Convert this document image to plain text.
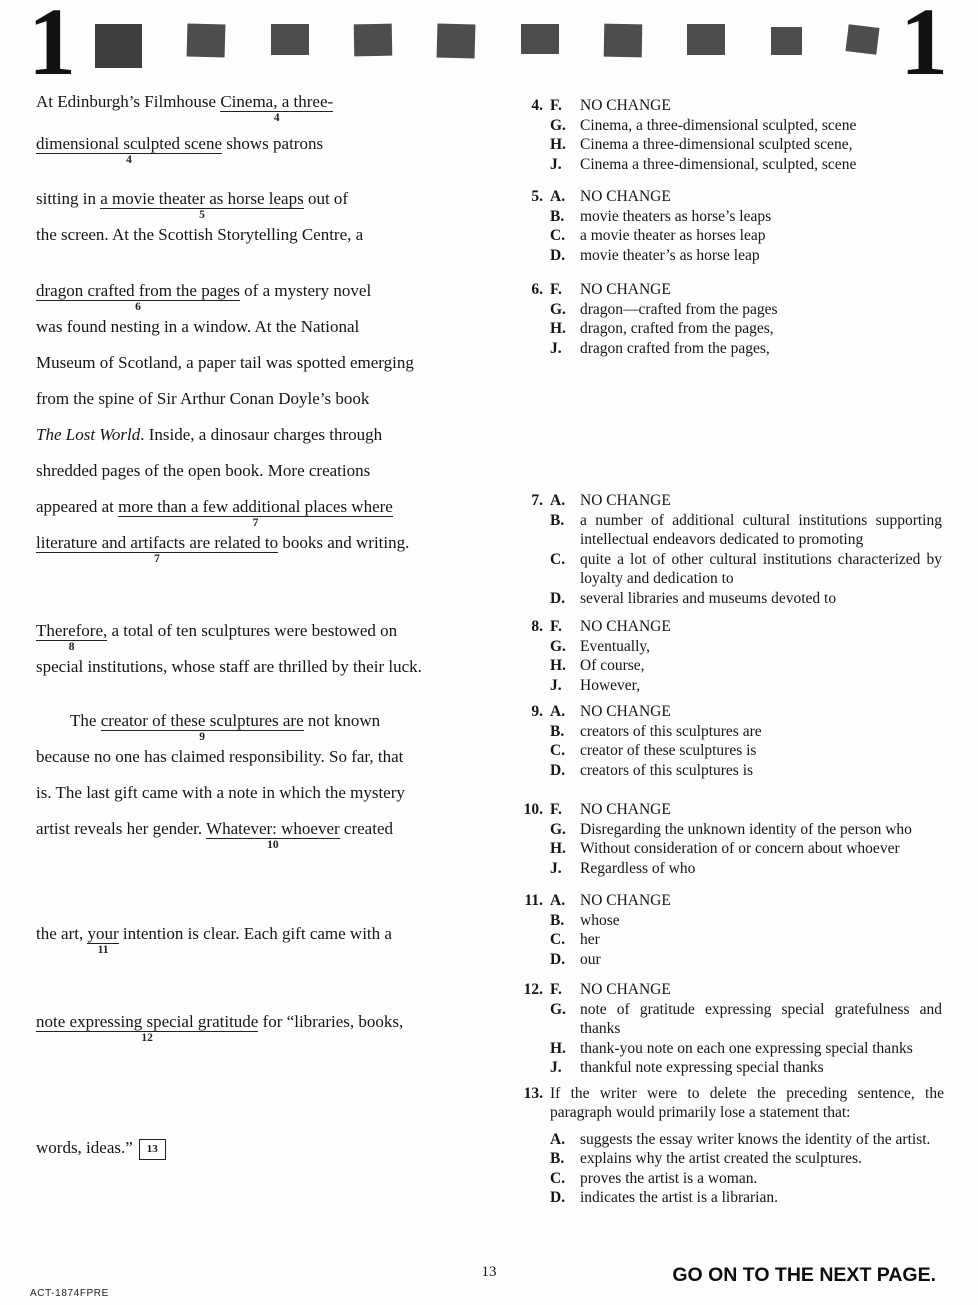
1	1
At Edinburgh’s Filmhouse Cinema, a three-
4
dimensional sculpted scene
4
shows patrons
sitting in a movie theater as horse leaps
5
out of
the screen. At the Scottish Storytelling Centre, a
dragon crafted from the pages
6
of a mystery novel
was found nesting in a window. At the National
Museum of Scotland, a paper tail was spotted emerging
from the spine of Sir Arthur Conan Doyle’s book
The Lost World. Inside, a dinosaur charges through
shredded pages of the open book. More creations
appeared at more than a few additional places where
7
literature and artifacts are related to
7
books and writing.
Therefore,
8
a total of ten sculptures were bestowed on
special institutions, whose staff are thrilled by their luck.
The creator of these sculptures are
9
not known
because no one has claimed responsibility. So far, that
is. The last gift came with a note in which the mystery
artist reveals her gender. Whatever: whoever
10
created
the art, your
11
intention is clear. Each gift came with a
note expressing special gratitude
12
for “libraries, books,
words, ideas.” 13
4. F.	NO CHANGE
G. Cinema, a three-dimensional sculpted, scene
H. Cinema a three-dimensional sculpted scene,
J.	Cinema a three-dimensional, sculpted, scene
5. A. NO CHANGE
B.	movie theaters as horse’s leaps
C. a movie theater as horses leap
D. movie theater’s as horse leap
6. F.	NO CHANGE
G. dragon—crafted from the pages
H. dragon, crafted from the pages,
J.	dragon crafted from the pages,
7. A. NO CHANGE
B.	a number of additional cultural institutions supporting intellectual endeavors dedicated to promoting
C. quite a lot of other cultural institutions characterized by loyalty and dedication to
D. several libraries and museums devoted to
8. F.	NO CHANGE
G. Eventually,
H. Of course,
J.	However,
9. A. NO CHANGE
B.	creators of this sculptures are
C. creator of these sculptures is
D. creators of this sculptures is
10. F.	NO CHANGE
G. Disregarding the unknown identity of the person who
H. Without consideration of or concern about whoever
J.	Regardless of who
11. A. NO CHANGE
B.	whose
C. her
D. our
12. F.	NO CHANGE
G. note of gratitude expressing special gratefulness and thanks
H. thank-you note on each one expressing special thanks
J.	thankful note expressing special thanks
13. If the writer were to delete the preceding sentence, the paragraph would primarily lose a statement that:
A. suggests the essay writer knows the identity of the artist.
B.	explains why the artist created the sculptures.
C. proves the artist is a woman.
D. indicates the artist is a librarian.
ACT-1874FPRE
13	GO ON TO THE NEXT PAGE.
